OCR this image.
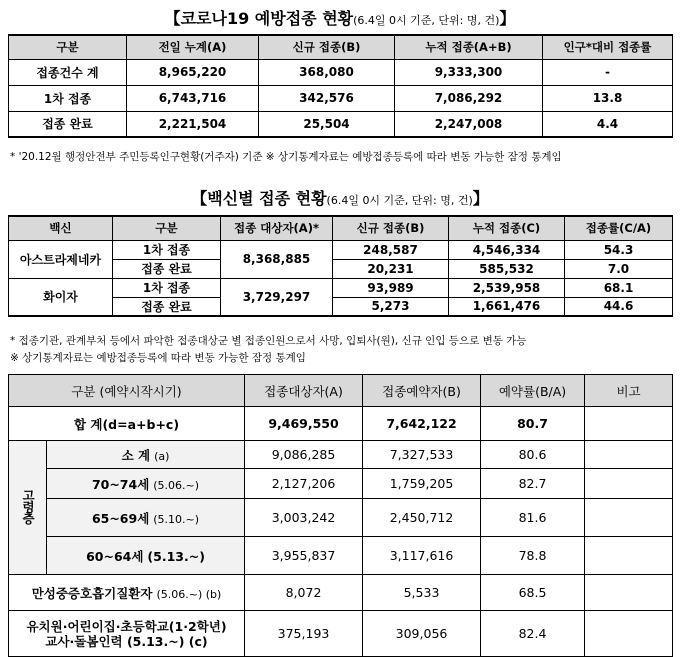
【코로나19 예방접종 현황(6.4일 0시 기준, 단위: 명, 건)】
구분	전일 누계(A)	신규 접종(B)	누적 접종(A+B)	인구*대비 접종률
접종건수 계	8,965,220	368,080	9,333,300	-
1차 접종	6,743,716	342,576	7,086,292	13.8
접종 완료	2,221,504	25,504	2,247,008	4.4
* '20.12월 행정안전부 주민등록인구현황(거주자) 기준 ※ 상기통계자료는 예방접종등록에 따라 변동 가능한 잠정 통계임
【백신별 접종 현황(6.4일 0시 기준, 단위: 명, 건)】
백신	구분	접종 대상자(A)*	신규 접종(B)	누적 접종(C)	접종률(C/A)
아스트라제네카	1차 접종	8,368,885	248,587	4,546,334	54.3
	접종 완료		20,231	585,532	7.0
화이자	1차 접종	3,729,297	93,989	2,539,958	68.1
	접종 완료		5,273	1,661,476	44.6
* 접종기관, 관계부처 등에서 파악한 접종대상군 별 접종인원으로서 사망, 입퇴사(원), 신규 인입 등으로 변동 가능
※ 상기통계자료는 예방접종등록에 따라 변동 가능한 잠정 통계임
구분 (예약시작시기)		접종대상자(A)	접종예약자(B)	예약률(B/A)	비고
합 계(d=a+b+c)		9,469,550	7,642,122	80.7	
고령층	소 계 (a)	9,086,285	7,327,533	80.6	
	70~74세 (5.06.~)	2,127,206	1,759,205	82.7	
	65~69세 (5.10.~)	3,003,242	2,450,712	81.6	
	60~64세 (5.13.~)	3,955,837	3,117,616	78.8	
만성중증호흡기질환자 (5.06.~) (b)		8,072	5,533	68.5	

유치원·어린이집·초등학교(1·2학년)
교사·돌봄인력 (5.13.~) (c)		375,193	309,056	82.4	
